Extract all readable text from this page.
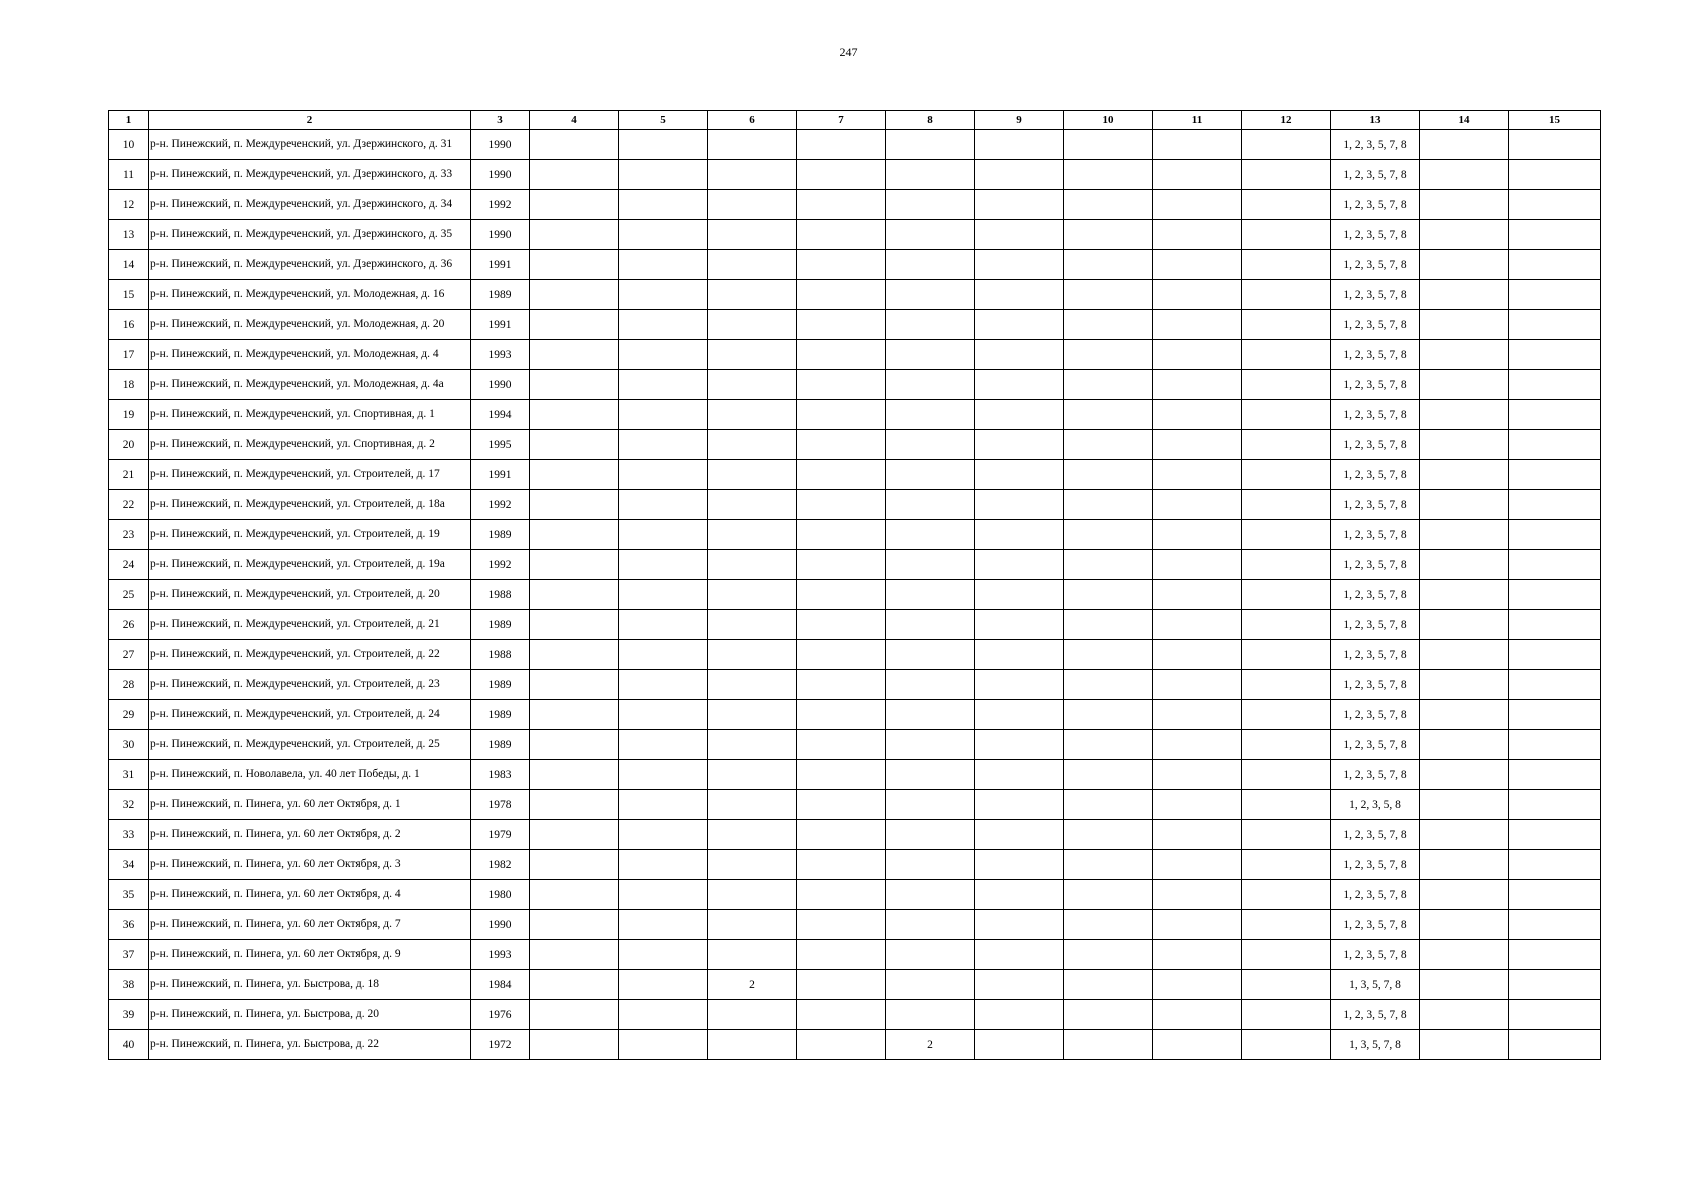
247
1	2	3	4	5	6	7	8	9	10	11	12	13	14	15
10	р-н. Пинежский, п. Междуреченский, ул. Дзержинского, д. 31	1990										1, 2, 3, 5, 7, 8		
11	р-н. Пинежский, п. Междуреченский, ул. Дзержинского, д. 33	1990										1, 2, 3, 5, 7, 8		
12	р-н. Пинежский, п. Междуреченский, ул. Дзержинского, д. 34	1992										1, 2, 3, 5, 7, 8		
13	р-н. Пинежский, п. Междуреченский, ул. Дзержинского, д. 35	1990										1, 2, 3, 5, 7, 8		
14	р-н. Пинежский, п. Междуреченский, ул. Дзержинского, д. 36	1991										1, 2, 3, 5, 7, 8		
15	р-н. Пинежский, п. Междуреченский, ул. Молодежная, д. 16	1989										1, 2, 3, 5, 7, 8		
16	р-н. Пинежский, п. Междуреченский, ул. Молодежная, д. 20	1991										1, 2, 3, 5, 7, 8		
17	р-н. Пинежский, п. Междуреченский, ул. Молодежная, д. 4	1993										1, 2, 3, 5, 7, 8		
18	р-н. Пинежский, п. Междуреченский, ул. Молодежная, д. 4а	1990										1, 2, 3, 5, 7, 8		
19	р-н. Пинежский, п. Междуреченский, ул. Спортивная, д. 1	1994										1, 2, 3, 5, 7, 8		
20	р-н. Пинежский, п. Междуреченский, ул. Спортивная, д. 2	1995										1, 2, 3, 5, 7, 8		
21	р-н. Пинежский, п. Междуреченский, ул. Строителей, д. 17	1991										1, 2, 3, 5, 7, 8		
22	р-н. Пинежский, п. Междуреченский, ул. Строителей, д. 18а	1992										1, 2, 3, 5, 7, 8		
23	р-н. Пинежский, п. Междуреченский, ул. Строителей, д. 19	1989										1, 2, 3, 5, 7, 8		
24	р-н. Пинежский, п. Междуреченский, ул. Строителей, д. 19а	1992										1, 2, 3, 5, 7, 8		
25	р-н. Пинежский, п. Междуреченский, ул. Строителей, д. 20	1988										1, 2, 3, 5, 7, 8		
26	р-н. Пинежский, п. Междуреченский, ул. Строителей, д. 21	1989										1, 2, 3, 5, 7, 8		
27	р-н. Пинежский, п. Междуреченский, ул. Строителей, д. 22	1988										1, 2, 3, 5, 7, 8		
28	р-н. Пинежский, п. Междуреченский, ул. Строителей, д. 23	1989										1, 2, 3, 5, 7, 8		
29	р-н. Пинежский, п. Междуреченский, ул. Строителей, д. 24	1989										1, 2, 3, 5, 7, 8		
30	р-н. Пинежский, п. Междуреченский, ул. Строителей, д. 25	1989										1, 2, 3, 5, 7, 8		
31	р-н. Пинежский, п. Новолавела, ул. 40 лет Победы, д. 1	1983										1, 2, 3, 5, 7, 8		
32	р-н. Пинежский, п. Пинега, ул. 60 лет Октября, д. 1	1978										1, 2, 3, 5, 8		
33	р-н. Пинежский, п. Пинега, ул. 60 лет Октября, д. 2	1979										1, 2, 3, 5, 7, 8		
34	р-н. Пинежский, п. Пинега, ул. 60 лет Октября, д. 3	1982										1, 2, 3, 5, 7, 8		
35	р-н. Пинежский, п. Пинега, ул. 60 лет Октября, д. 4	1980										1, 2, 3, 5, 7, 8		
36	р-н. Пинежский, п. Пинега, ул. 60 лет Октября, д. 7	1990										1, 2, 3, 5, 7, 8		
37	р-н. Пинежский, п. Пинега, ул. 60 лет Октября, д. 9	1993										1, 2, 3, 5, 7, 8		
38	р-н. Пинежский, п. Пинега, ул. Быстрова, д. 18	1984			2							1, 3, 5, 7, 8		
39	р-н. Пинежский, п. Пинега, ул. Быстрова, д. 20	1976										1, 2, 3, 5, 7, 8		
40	р-н. Пинежский, п. Пинега, ул. Быстрова, д. 22	1972					2					1, 3, 5, 7, 8		
